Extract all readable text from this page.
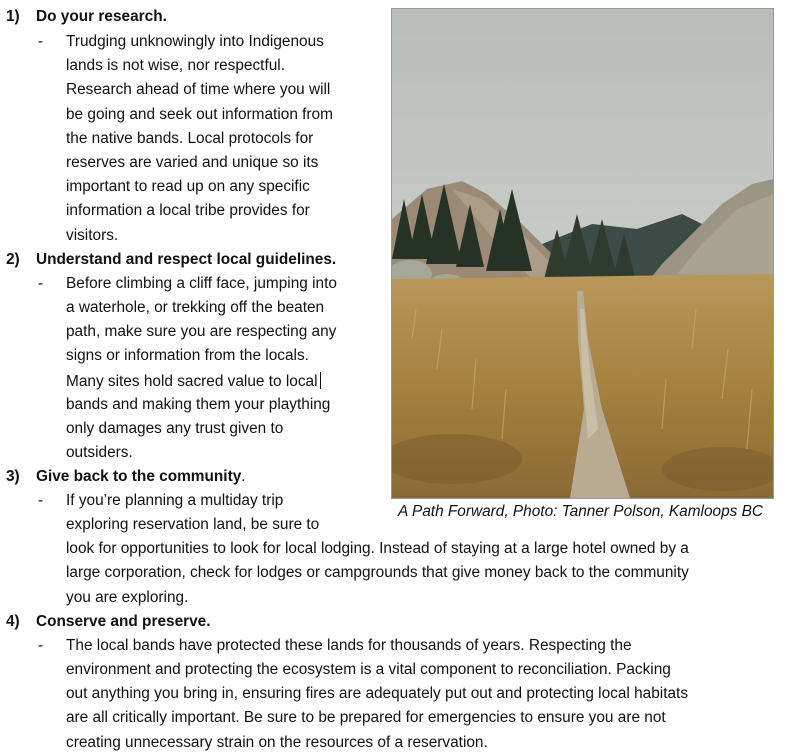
1) Do your research.
- Trudging unknowingly into Indigenous
lands is not wise, nor respectful.
Research ahead of time where you will
be going and seek out information from
the native bands. Local protocols for
reserves are varied and unique so its
important to read up on any specific
information a local tribe provides for
visitors.
2) Understand and respect local guidelines.
- Before climbing a cliff face, jumping into
a waterhole, or trekking off the beaten
path, make sure you are respecting any
signs or information from the locals.
Many sites hold sacred value to local
bands and making them your plaything
only damages any trust given to
outsiders.
3) Give back to the community.
- If you’re planning a multiday trip
exploring reservation land, be sure to
look for opportunities to look for local lodging. Instead of staying at a large hotel owned by a
large corporation, check for lodges or campgrounds that give money back to the community
you are exploring.
4) Conserve and preserve.
- The local bands have protected these lands for thousands of years. Respecting the
environment and protecting the ecosystem is a vital component to reconciliation. Packing
out anything you bring in, ensuring fires are adequately put out and protecting local habitats
are all critically important. Be sure to be prepared for emergencies to ensure you are not
creating unnecessary strain on the resources of a reservation.
A Path Forward, Photo: Tanner Polson, Kamloops BC
